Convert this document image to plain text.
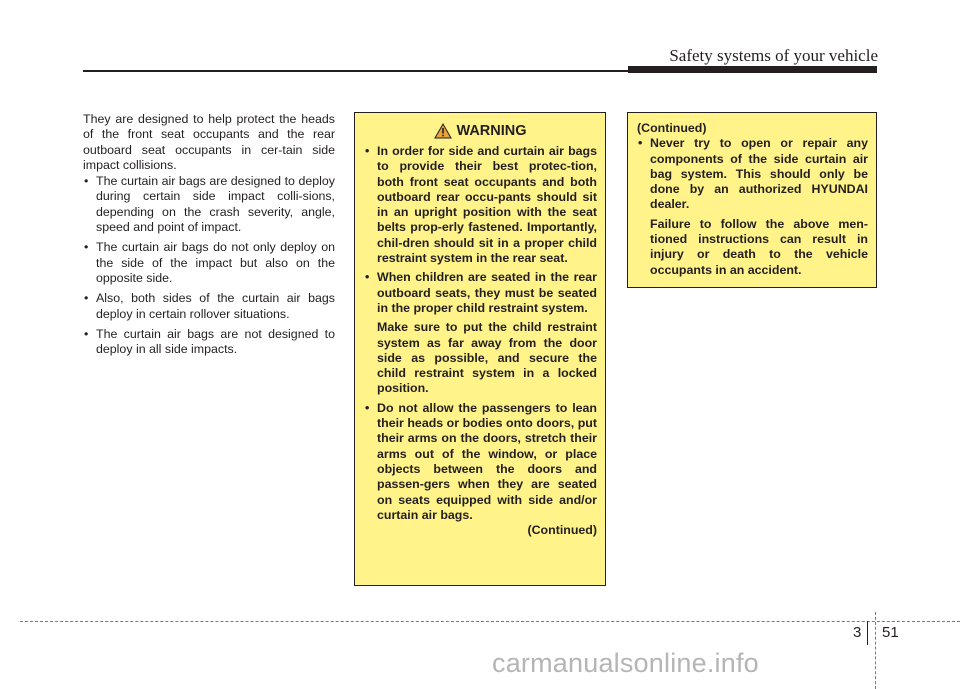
Safety systems of your vehicle

They are designed to help protect the heads of the front seat occupants and the rear outboard seat occupants in cer-tain side impact collisions.

• The curtain air bags are designed to deploy during certain side impact colli-sions, depending on the crash severity, angle, speed and point of impact.
• The curtain air bags do not only deploy on the side of the impact but also on the opposite side.
• Also, both sides of the curtain air bags deploy in certain rollover situations.
• The curtain air bags are not designed to deploy in all side impacts.
WARNING
• In order for side and curtain air bags to provide their best protec-tion, both front seat occupants and both outboard rear occu-pants should sit in an upright position with the seat belts prop-erly fastened. Importantly, chil-dren should sit in a proper child restraint system in the rear seat.
• When children are seated in the rear outboard seats, they must be seated in the proper child restraint system.

Make sure to put the child restraint system as far away from the door side as possible, and secure the child restraint system in a locked position.

• Do not allow the passengers to lean their heads or bodies onto doors, put their arms on the doors, stretch their arms out of the window, or place objects between the doors and passen-gers when they are seated on seats equipped with side and/or curtain air bags.
(Continued)

(Continued)

• Never try to open or repair any components of the side curtain air bag system. This should only be done by an authorized HYUNDAI dealer.

Failure to follow the above men-tioned instructions can result in injury or death to the vehicle occupants in an accident.

3 51
carmanualsonline.info
